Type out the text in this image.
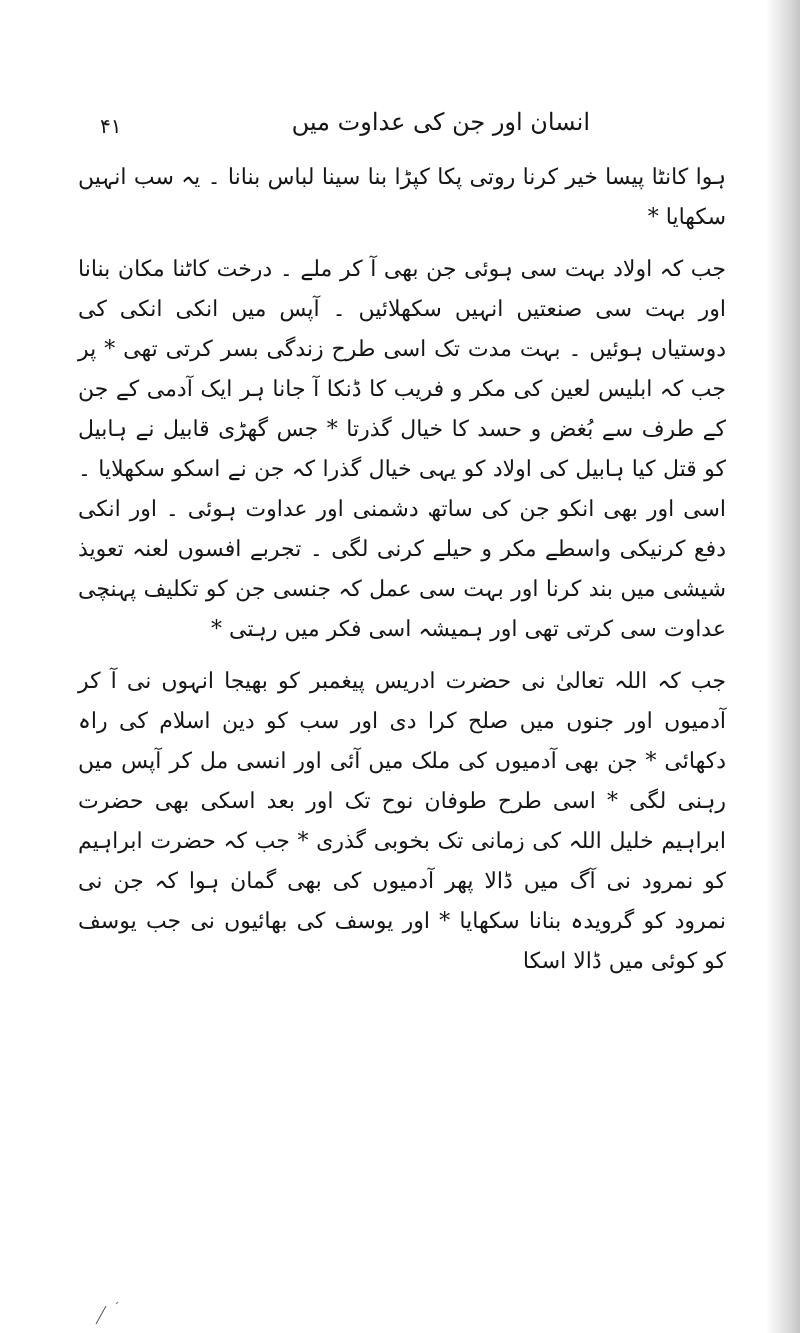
۴۱	انسان اور جن کی عداوت میں

ہوا کانٹا پیسا خیر کرنا روتی پکا کپڑا بنا سینا لباس بنانا ۔ یہ سب انہیں سکھایا *

جب کہ اولاد بہت سی ہوئی جن بھی آ کر ملے ۔ درخت کاٹنا مکان بنانا اور بہت سی صنعتیں انہیں سکھلائیں ۔ آپس میں انکی انکی کی دوستیاں ہوئیں ۔ بہت مدت تک اسی طرح زندگی بسر کرتی تھی * پر جب کہ ابلیس لعین کی مکر و فریب کا ڈنکا آ جانا ہر ایک آدمی کے جن کے طرف سے بُغض و حسد کا خیال گذرتا * جس گھڑی قابیل نے ہابیل کو قتل کیا ہابیل کی اولاد کو یہی خیال گذرا کہ جن نے اسکو سکھلایا ۔ اسی اور بھی انکو جن کی ساتھ دشمنی اور عداوت ہوئی ۔ اور انکی دفع کرنیکی واسطے مکر و حیلے کرنی لگی ۔ تجربے افسوں لعنہ تعویذ شیشی میں بند کرنا اور بہت سی عمل کہ جنسی جن کو تکلیف پہنچی عداوت سی کرتی تھی اور ہمیشہ اسی فکر میں رہتی *

جب کہ اللہ تعالیٰ نی حضرت ادریس پیغمبر کو بھیجا انہوں نی آ کر آدمیوں اور جنوں میں صلح کرا دی اور سب کو دین اسلام کی راہ دکھائی * جن بھی آدمیوں کی ملک میں آئی اور انسی مل کر آپس میں رہنی لگی * اسی طرح طوفان نوح تک اور بعد اسکی بھی حضرت ابراہیم خلیل اللہ کی زمانی تک بخوبی گذری * جب کہ حضرت ابراہیم کو نمرود نی آگ میں ڈالا پھر آدمیوں کی بھی گمان ہوا کہ جن نی نمرود کو گرویدہ بنانا سکھایا * اور یوسف کی بھائیوں نی جب یوسف کو کوئی میں ڈالا اسکا
